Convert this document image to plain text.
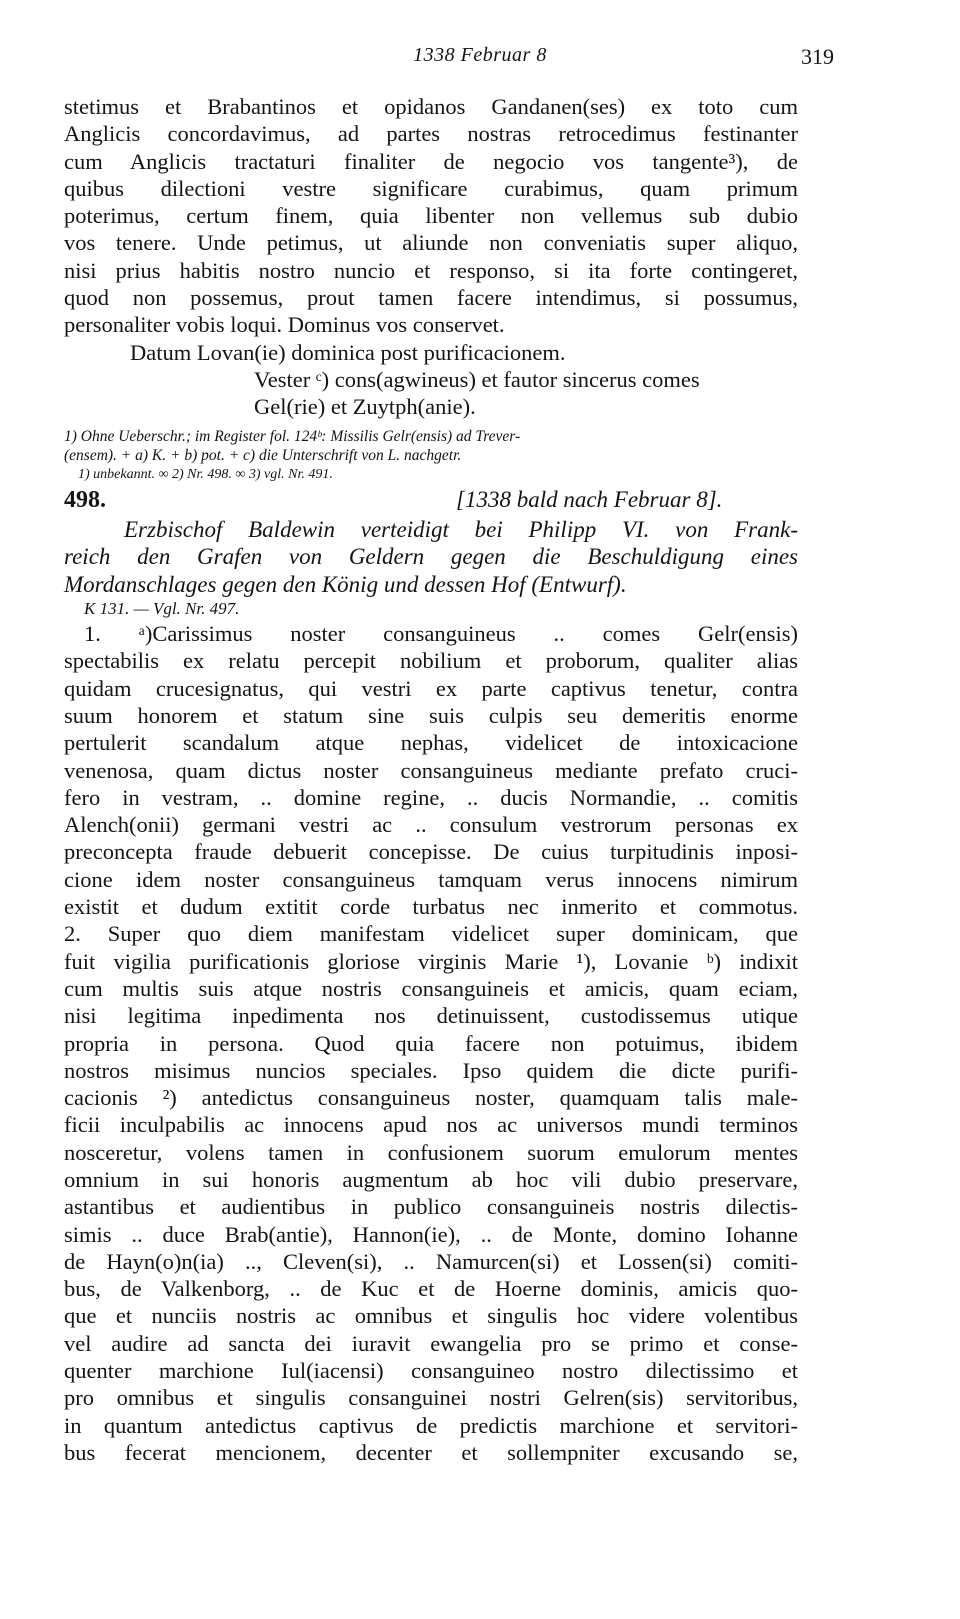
1338 Februar 8	319
stetimus et Brabantinos et opidanos Gandanen(ses) ex toto cum
Anglicis concordavimus, ad partes nostras retrocedimus festinanter
cum Anglicis tractaturi finaliter de negocio vos tangente³), de
quibus dilectioni vestre significare curabimus, quam primum
poterimus, certum finem, quia libenter non vellemus sub dubio
vos tenere. Unde petimus, ut aliunde non conveniatis super aliquo,
nisi prius habitis nostro nuncio et responso, si ita forte contingeret,
quod non possemus, prout tamen facere intendimus, si possumus,
personaliter vobis loqui. Dominus vos conservet.
Datum Lovan(ie) dominica post purificacionem.
Vester ᶜ) cons(agwineus) et fautor sincerus comes
Gel(rie) et Zuytph(anie).
1) Ohne Ueberschr.; im Register fol. 124ᵇ: Missilis Gelr(ensis) ad Trever-
(ensem). + a) K. + b) pot. + c) die Unterschrift von L. nachgetr.
1) unbekannt. ∞ 2) Nr. 498. ∞ 3) vgl. Nr. 491.
498.	[1338 bald nach Februar 8].
Erzbischof Baldewin verteidigt bei Philipp VI. von Frank-
reich den Grafen von Geldern gegen die Beschuldigung eines
Mordanschlages gegen den König und dessen Hof (Entwurf).
K 131. — Vgl. Nr. 497.
1. ᵃ)Carissimus noster consanguineus .. comes Gelr(ensis)
spectabilis ex relatu percepit nobilium et proborum, qualiter alias
quidam crucesignatus, qui vestri ex parte captivus tenetur, contra
suum honorem et statum sine suis culpis seu demeritis enorme
pertulerit scandalum atque nephas, videlicet de intoxicacione
venenosa, quam dictus noster consanguineus mediante prefato cruci-
fero in vestram, .. domine regine, .. ducis Normandie, .. comitis
Alench(onii) germani vestri ac .. consulum vestrorum personas ex
preconcepta fraude debuerit concepisse. De cuius turpitudinis inposi-
cione idem noster consanguineus tamquam verus innocens nimirum
existit et dudum extitit corde turbatus nec inmerito et commotus.
2. Super quo diem manifestam videlicet super dominicam, que
fuit vigilia purificationis gloriose virginis Marie ¹), Lovanie ᵇ) indixit
cum multis suis atque nostris consanguineis et amicis, quam eciam,
nisi legitima inpedimenta nos detinuissent, custodissemus utique
propria in persona. Quod quia facere non potuimus, ibidem
nostros misimus nuncios speciales. Ipso quidem die dicte purifi-
cacionis ²) antedictus consanguineus noster, quamquam talis male-
ficii inculpabilis ac innocens apud nos ac universos mundi terminos
nosceretur, volens tamen in confusionem suorum emulorum mentes
omnium in sui honoris augmentum ab hoc vili dubio preservare,
astantibus et audientibus in publico consanguineis nostris dilectis-
simis .. duce Brab(antie), Hannon(ie), .. de Monte, domino Iohanne
de Hayn(o)n(ia) .., Cleven(si), .. Namurcen(si) et Lossen(si) comiti-
bus, de Valkenborg, .. de Kuc et de Hoerne dominis, amicis quo-
que et nunciis nostris ac omnibus et singulis hoc videre volentibus
vel audire ad sancta dei iuravit ewangelia pro se primo et conse-
quenter marchione Iul(iacensi) consanguineo nostro dilectissimo et
pro omnibus et singulis consanguinei nostri Gelren(sis) servitoribus,
in quantum antedictus captivus de predictis marchione et servitori-
bus fecerat mencionem, decenter et sollempniter excusando se,
